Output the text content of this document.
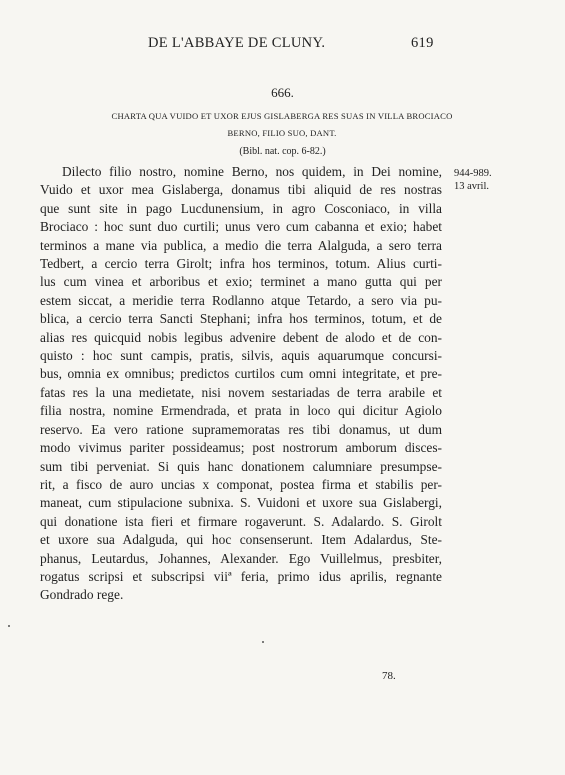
DE L'ABBAYE DE CLUNY.	619
666.
CHARTA QUA VUIDO ET UXOR EJUS GISLABERGA RES SUAS IN VILLA BROCIACO
BERNO, FILIO SUO, DANT.
(Bibl. nat. cop. 6-82.)
944-989.
13 avril.
Dilecto filio nostro, nomine Berno, nos quidem, in Dei nomine,
Vuido et uxor mea Gislaberga, donamus tibi aliquid de res nostras
que sunt site in pago Lucdunensium, in agro Cosconiaco, in villa
Brociaco : hoc sunt duo curtili; unus vero cum cabanna et exio; habet
terminos a mane via publica, a medio die terra Alalguda, a sero terra
Tedbert, a cercio terra Girolt; infra hos terminos, totum. Alius curti-
lus cum vinea et arboribus et exio; terminet a mano gutta qui per
estem siccat, a meridie terra Rodlanno atque Tetardo, a sero via pu-
blica, a cercio terra Sancti Stephani; infra hos terminos, totum, et de
alias res quicquid nobis legibus advenire debent de alodo et de con-
quisto : hoc sunt campis, pratis, silvis, aquis aquarumque concursi-
bus, omnia ex omnibus; predictos curtilos cum omni integritate, et pre-
fatas res la una medietate, nisi novem sestariadas de terra arabile et
filia nostra, nomine Ermendrada, et prata in loco qui dicitur Agiolo
reservo. Ea vero ratione supramemoratas res tibi donamus, ut dum
modo vivimus pariter possideamus; post nostrorum amborum disces-
sum tibi perveniat. Si quis hanc donationem calumniare presumpse-
rit, a fisco de auro uncias x componat, postea firma et stabilis per-
maneat, cum stipulacione subnixa. S. Vuidoni et uxore sua Gislabergi,
qui donatione ista fieri et firmare rogaverunt. S. Adalardo. S. Girolt
et uxore sua Adalguda, qui hoc consenserunt. Item Adalardus, Ste-
phanus, Leutardus, Johannes, Alexander. Ego Vuillelmus, presbiter,
rogatus scripsi et subscripsi viiª feria, primo idus aprilis, regnante
Gondrado rege.
78.
